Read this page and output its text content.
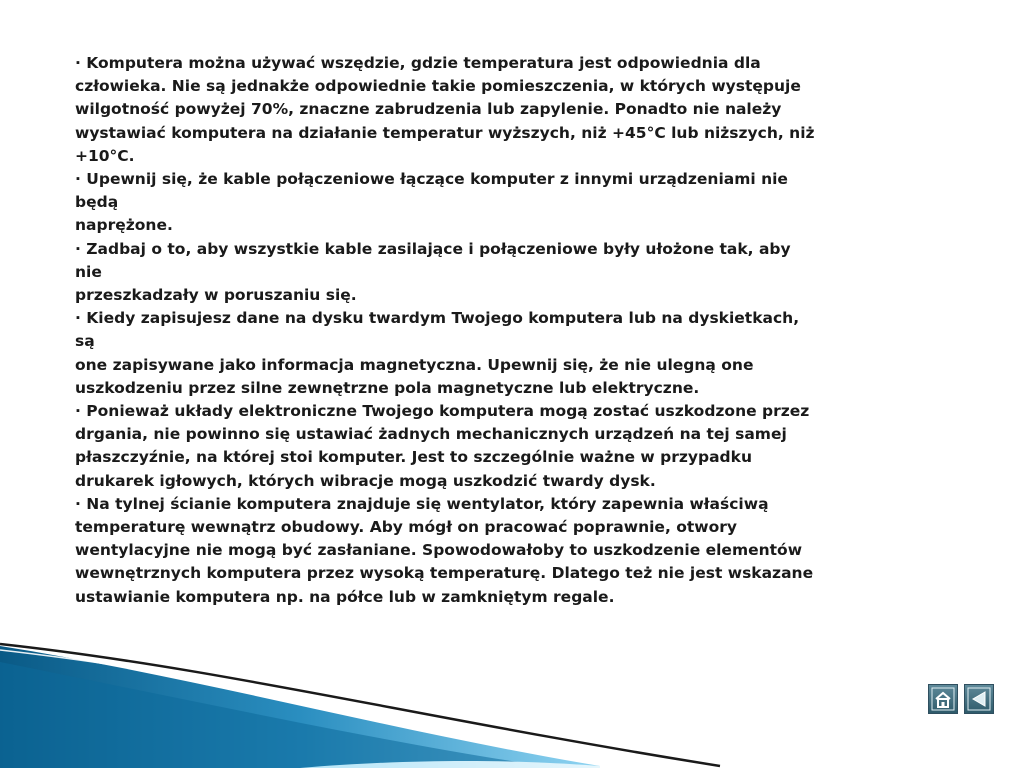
· Komputera można używać wszędzie, gdzie temperatura jest odpowiednia dla
człowieka. Nie są jednakże odpowiednie takie pomieszczenia, w których występuje
wilgotność powyżej 70%, znaczne zabrudzenia lub zapylenie. Ponadto nie należy
wystawiać komputera na działanie temperatur wyższych, niż +45°C lub niższych, niż
+10°C.

· Upewnij się, że kable połączeniowe łączące komputer z innymi urządzeniami nie
będą
naprężone.

· Zadbaj o to, aby wszystkie kable zasilające i połączeniowe były ułożone tak, aby
nie
przeszkadzały w poruszaniu się.

· Kiedy zapisujesz dane na dysku twardym Twojego komputera lub na dyskietkach,
są
one zapisywane jako informacja magnetyczna. Upewnij się, że nie ulegną one
uszkodzeniu przez silne zewnętrzne pola magnetyczne lub elektryczne.

· Ponieważ układy elektroniczne Twojego komputera mogą zostać uszkodzone przez
drgania, nie powinno się ustawiać żadnych mechanicznych urządzeń na tej samej
płaszczyźnie, na której stoi komputer. Jest to szczególnie ważne w przypadku
drukarek igłowych, których wibracje mogą uszkodzić twardy dysk.

· Na tylnej ścianie komputera znajduje się wentylator, który zapewnia właściwą
temperaturę wewnątrz obudowy. Aby mógł on pracować poprawnie, otwory
wentylacyjne nie mogą być zasłaniane. Spowodowałoby to uszkodzenie elementów
wewnętrznych komputera przez wysoką temperaturę. Dlatego też nie jest wskazane
ustawianie komputera np. na półce lub w zamkniętym regale.
